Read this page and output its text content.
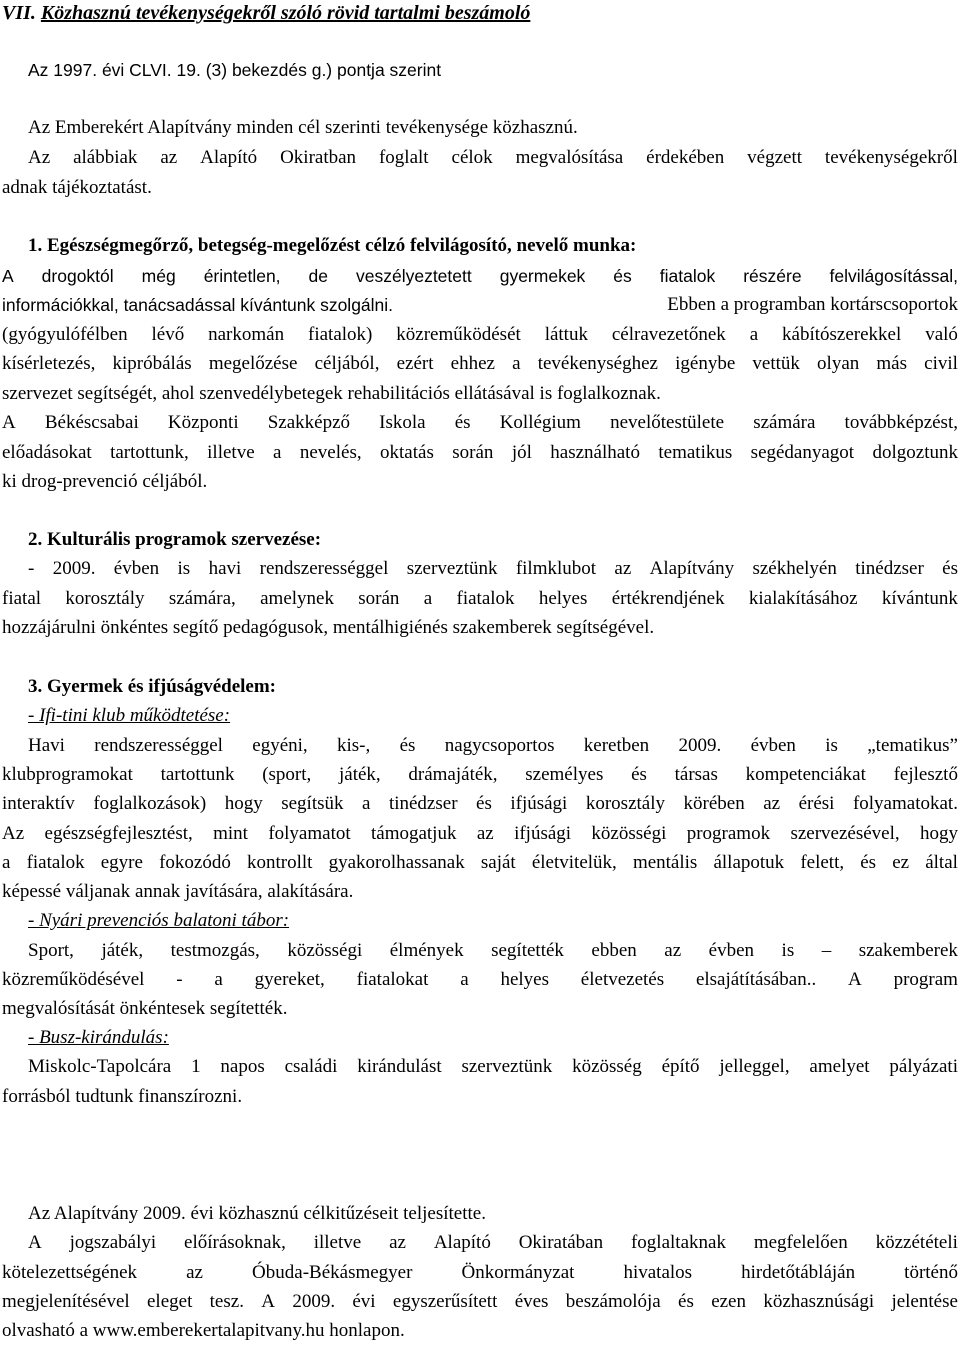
VII. Közhasznú tevékenységekről szóló rövid tartalmi beszámoló
Az 1997. évi CLVI. 19. (3) bekezdés g.) pontja szerint
Az Emberekért Alapítvány minden cél szerinti tevékenysége közhasznú.
Az alábbiak az Alapító Okiratban foglalt célok megvalósítása érdekében végzett tevékenységekről
adnak tájékoztatást.
1. Egészségmegőrző, betegség-megelőzést célzó felvilágosító, nevelő munka:
A drogoktól még érintetlen, de veszélyeztetett gyermekek és fiatalok részére felvilágosítással,
információkkal, tanácsadással kívántunk szolgálni.	Ebben a programban kortárscsoportok
(gyógyulófélben lévő narkomán fiatalok) közreműködését láttuk célravezetőnek a kábítószerekkel való
kísérletezés, kipróbálás megelőzése céljából, ezért ehhez a tevékenységhez igénybe vettük olyan más civil
szervezet segítségét, ahol szenvedélybetegek rehabilitációs ellátásával is foglalkoznak.
A Békéscsabai Központi Szakképző Iskola és Kollégium nevelőtestülete számára továbbképzést,
előadásokat tartottunk, illetve a nevelés, oktatás során jól használható tematikus segédanyagot dolgoztunk
ki drog-prevenció céljából.
2. Kulturális programok szervezése:
- 2009. évben is havi rendszerességgel szerveztünk filmklubot az Alapítvány székhelyén tinédzser és
fiatal korosztály számára, amelynek során a fiatalok helyes értékrendjének kialakításához kívántunk
hozzájárulni önkéntes segítő pedagógusok, mentálhigiénés szakemberek segítségével.
3. Gyermek és ifjúságvédelem:
- Ifi-tini klub működtetése:
Havi rendszerességgel egyéni, kis-, és nagycsoportos keretben 2009. évben is „tematikus”
klubprogramokat tartottunk (sport, játék, drámajáték, személyes és társas kompetenciákat fejlesztő
interaktív foglalkozások) hogy segítsük a tinédzser és ifjúsági korosztály körében az érési folyamatokat.
Az egészségfejlesztést, mint folyamatot támogatjuk az ifjúsági közösségi programok szervezésével, hogy
a fiatalok egyre fokozódó kontrollt gyakorolhassanak saját életvitelük, mentális állapotuk felett, és ez által
képessé váljanak annak javítására, alakítására.
- Nyári prevenciós balatoni tábor:
Sport, játék, testmozgás, közösségi élmények segítették ebben az évben is – szakemberek
közreműködésével - a gyereket, fiatalokat a helyes életvezetés elsajátításában.. A program
megvalósítását önkéntesek segítették.
- Busz-kirándulás:
Miskolc-Tapolcára 1 napos családi kirándulást szerveztünk közösség építő jelleggel, amelyet pályázati
forrásból tudtunk finanszírozni.
Az Alapítvány 2009. évi közhasznú célkitűzéseit teljesítette.
A jogszabályi előírásoknak, illetve az Alapító Okiratában foglaltaknak megfelelően közzétételi
kötelezettségének	az	Óbuda-Békásmegyer	Önkormányzat	hivatalos	hirdetőtábláján	történő
megjelenítésével eleget tesz. A 2009. évi egyszerűsített éves beszámolója és ezen közhasznúsági jelentése
olvasható a www.emberekertalapitvany.hu honlapon.
